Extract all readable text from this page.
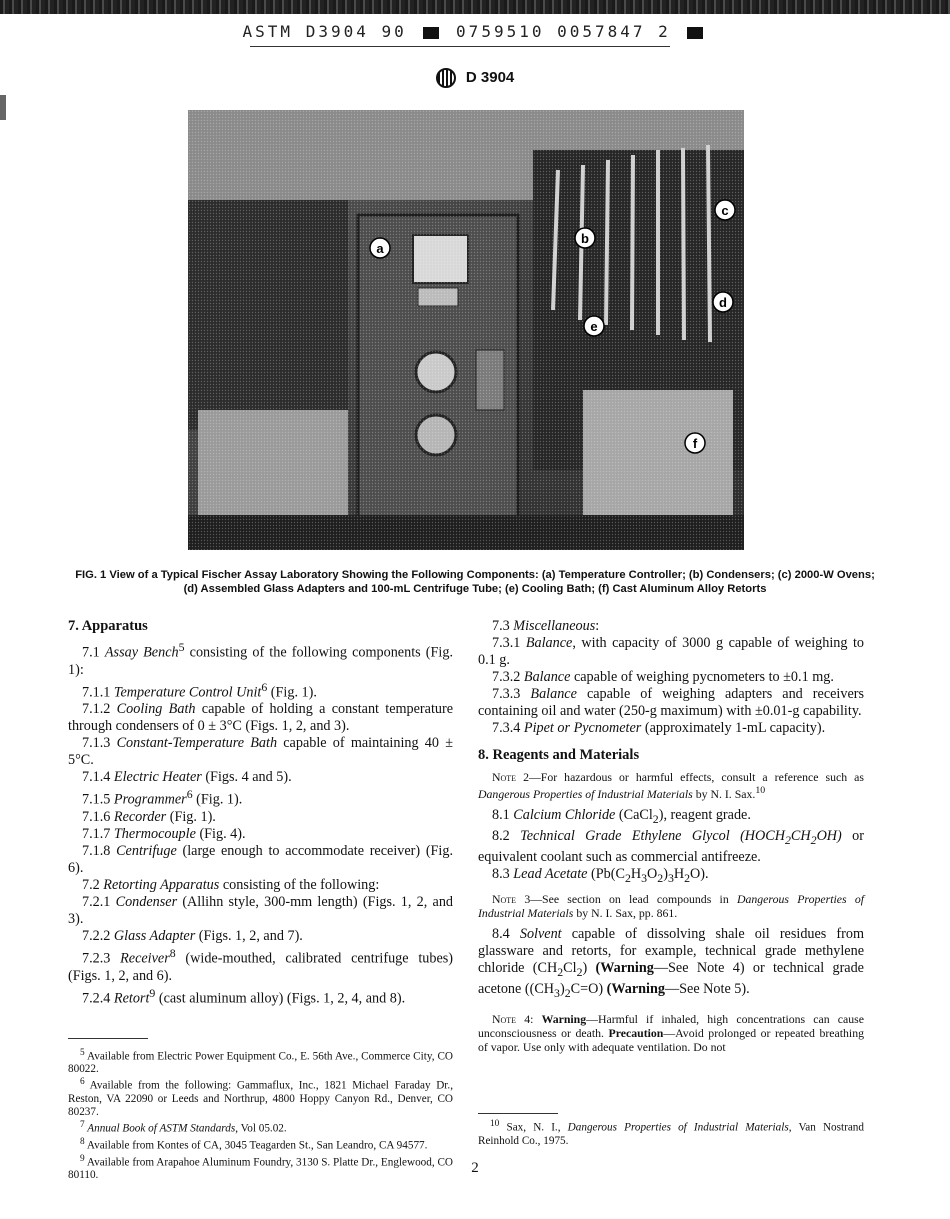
ASTM D3904 90	0759510 0057847 2
D 3904
a
b
c
d
e
f
FIG. 1 View of a Typical Fischer Assay Laboratory Showing the Following Components: (a) Temperature Controller; (b) Condensers; (c) 2000-W Ovens; (d) Assembled Glass Adapters and 100-mL Centrifuge Tube; (e) Cooling Bath; (f) Cast Aluminum Alloy Retorts

7. Apparatus

7.1 Assay Bench$^5$ consisting of the following components (Fig. 1):

7.1.1 Temperature Control Unit$^6$ (Fig. 1).

7.1.2 Cooling Bath capable of holding a constant temperature through condensers of 0 ± 3°C (Figs. 1, 2, and 3).

7.1.3 Constant-Temperature Bath capable of maintaining 40 ± 5°C.

7.1.4 Electric Heater (Figs. 4 and 5).

7.1.5 Programmer$^6$ (Fig. 1).

7.1.6 Recorder (Fig. 1).

7.1.7 Thermocouple (Fig. 4).

7.1.8 Centrifuge (large enough to accommodate receiver) (Fig. 6).

7.2 Retorting Apparatus consisting of the following:

7.2.1 Condenser (Allihn style, 300-mm length) (Figs. 1, 2, and 3).

7.2.2 Glass Adapter (Figs. 1, 2, and 7).

7.2.3 Receiver$^8$ (wide-mouthed, calibrated centrifuge tubes) (Figs. 1, 2, and 6).

7.2.4 Retort$^9$ (cast aluminum alloy) (Figs. 1, 2, 4, and 8).

$^5$ Available from Electric Power Equipment Co., E. 56th Ave., Commerce City, CO 80022.

$^6$ Available from the following: Gammaflux, Inc., 1821 Michael Faraday Dr., Reston, VA 22090 or Leeds and Northrup, 4800 Hoppy Canyon Rd., Denver, CO 80237.

$^7$ Annual Book of ASTM Standards, Vol 05.02.

$^8$ Available from Kontes of CA, 3045 Teagarden St., San Leandro, CA 94577.

$^9$ Available from Arapahoe Aluminum Foundry, 3130 S. Platte Dr., Englewood, CO 80110.

7.3 Miscellaneous:

7.3.1 Balance, with capacity of 3000 g capable of weighing to 0.1 g.

7.3.2 Balance capable of weighing pycnometers to ±0.1 mg.

7.3.3 Balance capable of weighing adapters and receivers containing oil and water (250-g maximum) with ±0.01-g capability.

7.3.4 Pipet or Pycnometer (approximately 1-mL capacity).

8. Reagents and Materials

Note 2—For hazardous or harmful effects, consult a reference such as Dangerous Properties of Industrial Materials by N. I. Sax.$^{10}$

8.1 Calcium Chloride (CaCl$_2$), reagent grade.

8.2 Technical Grade Ethylene Glycol $(HOCH_2CH_2OH)$ or equivalent coolant such as commercial antifreeze.

8.3 Lead Acetate $(Pb(C_2H_3O_2)_3H_2O)$.

Note 3—See section on lead compounds in Dangerous Properties of Industrial Materials by N. I. Sax, pp. 861.

8.4 Solvent capable of dissolving shale oil residues from glassware and retorts, for example, technical grade methylene chloride $(CH_2Cl_2)$ (Warning—See Note 4) or technical grade acetone $((CH_3)_2C=O)$ (Warning—See Note 5).

Note 4: Warning—Harmful if inhaled, high concentrations can cause unconsciousness or death. Precaution—Avoid prolonged or repeated breathing of vapor. Use only with adequate ventilation. Do not

$^{10}$ Sax, N. I., Dangerous Properties of Industrial Materials, Van Nostrand Reinhold Co., 1975.

2
